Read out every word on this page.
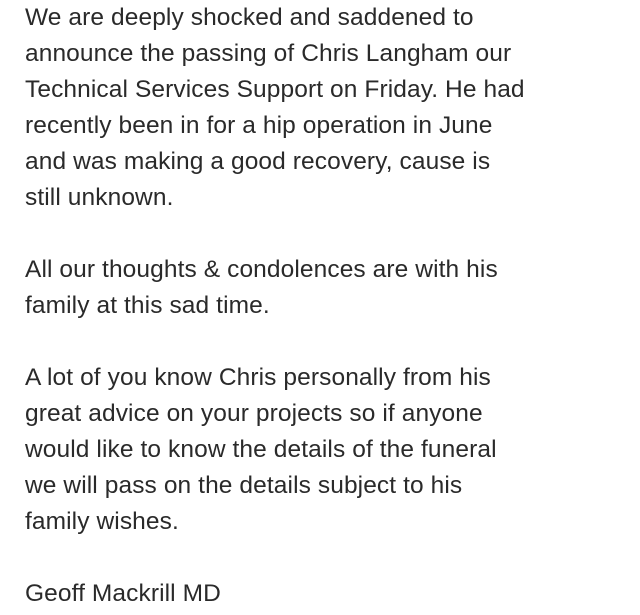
We are deeply shocked and saddened to
announce the passing of Chris Langham our
Technical Services Support on Friday. He had
recently been in for a hip operation in June
and was making a good recovery, cause is
still unknown.

All our thoughts & condolences are with his
family at this sad time.

A lot of you know Chris personally from his
great advice on your projects so if anyone
would like to know the details of the funeral
we will pass on the details subject to his
family wishes.

Geoff Mackrill MD
